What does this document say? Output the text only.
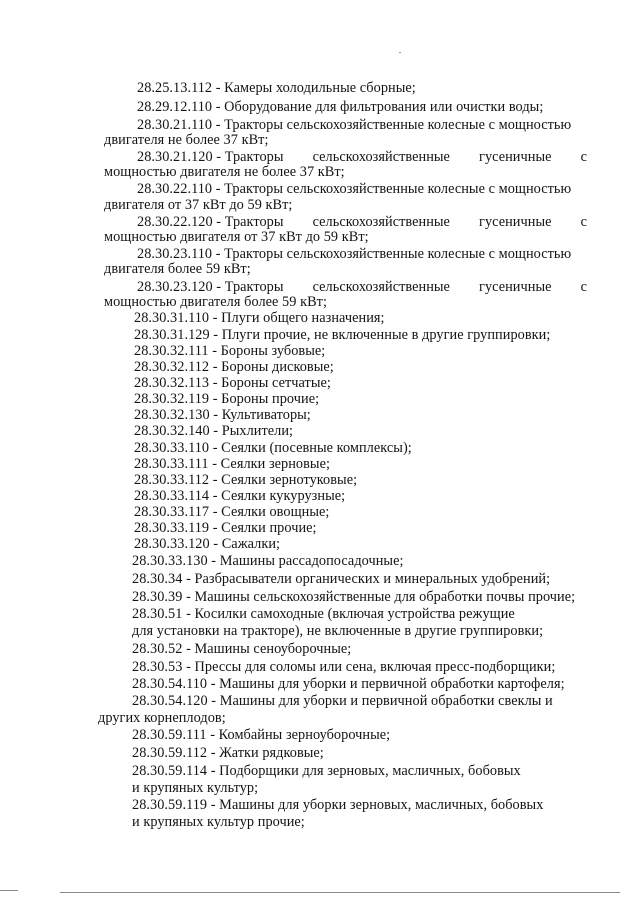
28.25.13.112 - Камеры холодильные сборные;
28.29.12.110 - Оборудование для фильтрования или очистки воды;
28.30.21.110 - Тракторы сельскохозяйственные колесные с мощностью
двигателя не более 37 кВт;
28.30.21.120 - Тракторы сельскохозяйственные гусеничные с
мощностью двигателя не более 37 кВт;
28.30.22.110 - Тракторы сельскохозяйственные колесные с мощностью
двигателя от 37 кВт до 59 кВт;
28.30.22.120 - Тракторы сельскохозяйственные гусеничные с
мощностью двигателя от 37 кВт до 59 кВт;
28.30.23.110 - Тракторы сельскохозяйственные колесные с мощностью
двигателя более 59 кВт;
28.30.23.120 - Тракторы сельскохозяйственные гусеничные с
мощностью двигателя более 59 кВт;
28.30.31.110 - Плуги общего назначения;
28.30.31.129 - Плуги прочие, не включенные в другие группировки;
28.30.32.111 - Бороны зубовые;
28.30.32.112 - Бороны дисковые;
28.30.32.113 - Бороны сетчатые;
28.30.32.119 - Бороны прочие;
28.30.32.130 - Культиваторы;
28.30.32.140 - Рыхлители;
28.30.33.110 - Сеялки (посевные комплексы);
28.30.33.111 - Сеялки зерновые;
28.30.33.112 - Сеялки зернотуковые;
28.30.33.114 - Сеялки кукурузные;
28.30.33.117 - Сеялки овощные;
28.30.33.119 - Сеялки прочие;
28.30.33.120 - Сажалки;
28.30.33.130 - Машины рассадопосадочные;
28.30.34 - Разбрасыватели органических и минеральных удобрений;
28.30.39 - Машины сельскохозяйственные для обработки почвы прочие;
28.30.51 - Косилки самоходные (включая устройства режущие
для установки на тракторе), не включенные в другие группировки;
28.30.52 - Машины сеноуборочные;
28.30.53 - Прессы для соломы или сена, включая пресс-подборщики;
28.30.54.110 - Машины для уборки и первичной обработки картофеля;
28.30.54.120 - Машины для уборки и первичной обработки свеклы и
других корнеплодов;
28.30.59.111 - Комбайны зерноуборочные;
28.30.59.112 - Жатки рядковые;
28.30.59.114 - Подборщики для зерновых, масличных, бобовых
и крупяных культур;
28.30.59.119 - Машины для уборки зерновых, масличных, бобовых
и крупяных культур прочие;
